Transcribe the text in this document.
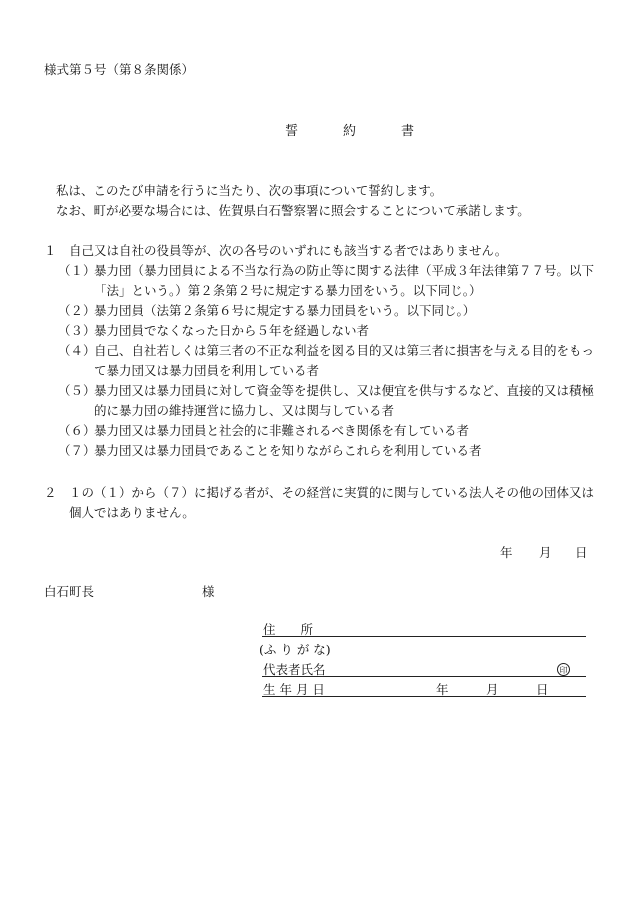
様式第５号（第８条関係）
誓　約　書
私は、このたび申請を行うに当たり、次の事項について誓約します。
なお、町が必要な場合には、佐賀県白石警察署に照会することについて承諾します。
１ 自己又は自社の役員等が、次の各号のいずれにも該当する者ではありません。
（１）
暴力団（暴力団員による不当な行為の防止等に関する法律（平成３年法律第７７号。以下
「法」という。）第２条第２号に規定する暴力団をいう。以下同じ。）
（２）
暴力団員（法第２条第６号に規定する暴力団員をいう。以下同じ。）
（３）
暴力団員でなくなった日から５年を経過しない者
（４）
自己、自社若しくは第三者の不正な利益を図る目的又は第三者に損害を与える目的をもっ
て暴力団又は暴力団員を利用している者
（５）
暴力団又は暴力団員に対して資金等を提供し、又は便宜を供与するなど、直接的又は積極
的に暴力団の維持運営に協力し、又は関与している者
（６）
暴力団又は暴力団員と社会的に非難されるべき関係を有している者
（７）
暴力団又は暴力団員であることを知りながらこれらを利用している者
２ １の（１）から（７）に掲げる者が、その経営に実質的に関与している法人その他の団体又は
個人ではありません。
年 月 日
白石町長	様
住　　所
(ふ り が な)
代表者氏名	印
生 年 月 日	年	月	日
